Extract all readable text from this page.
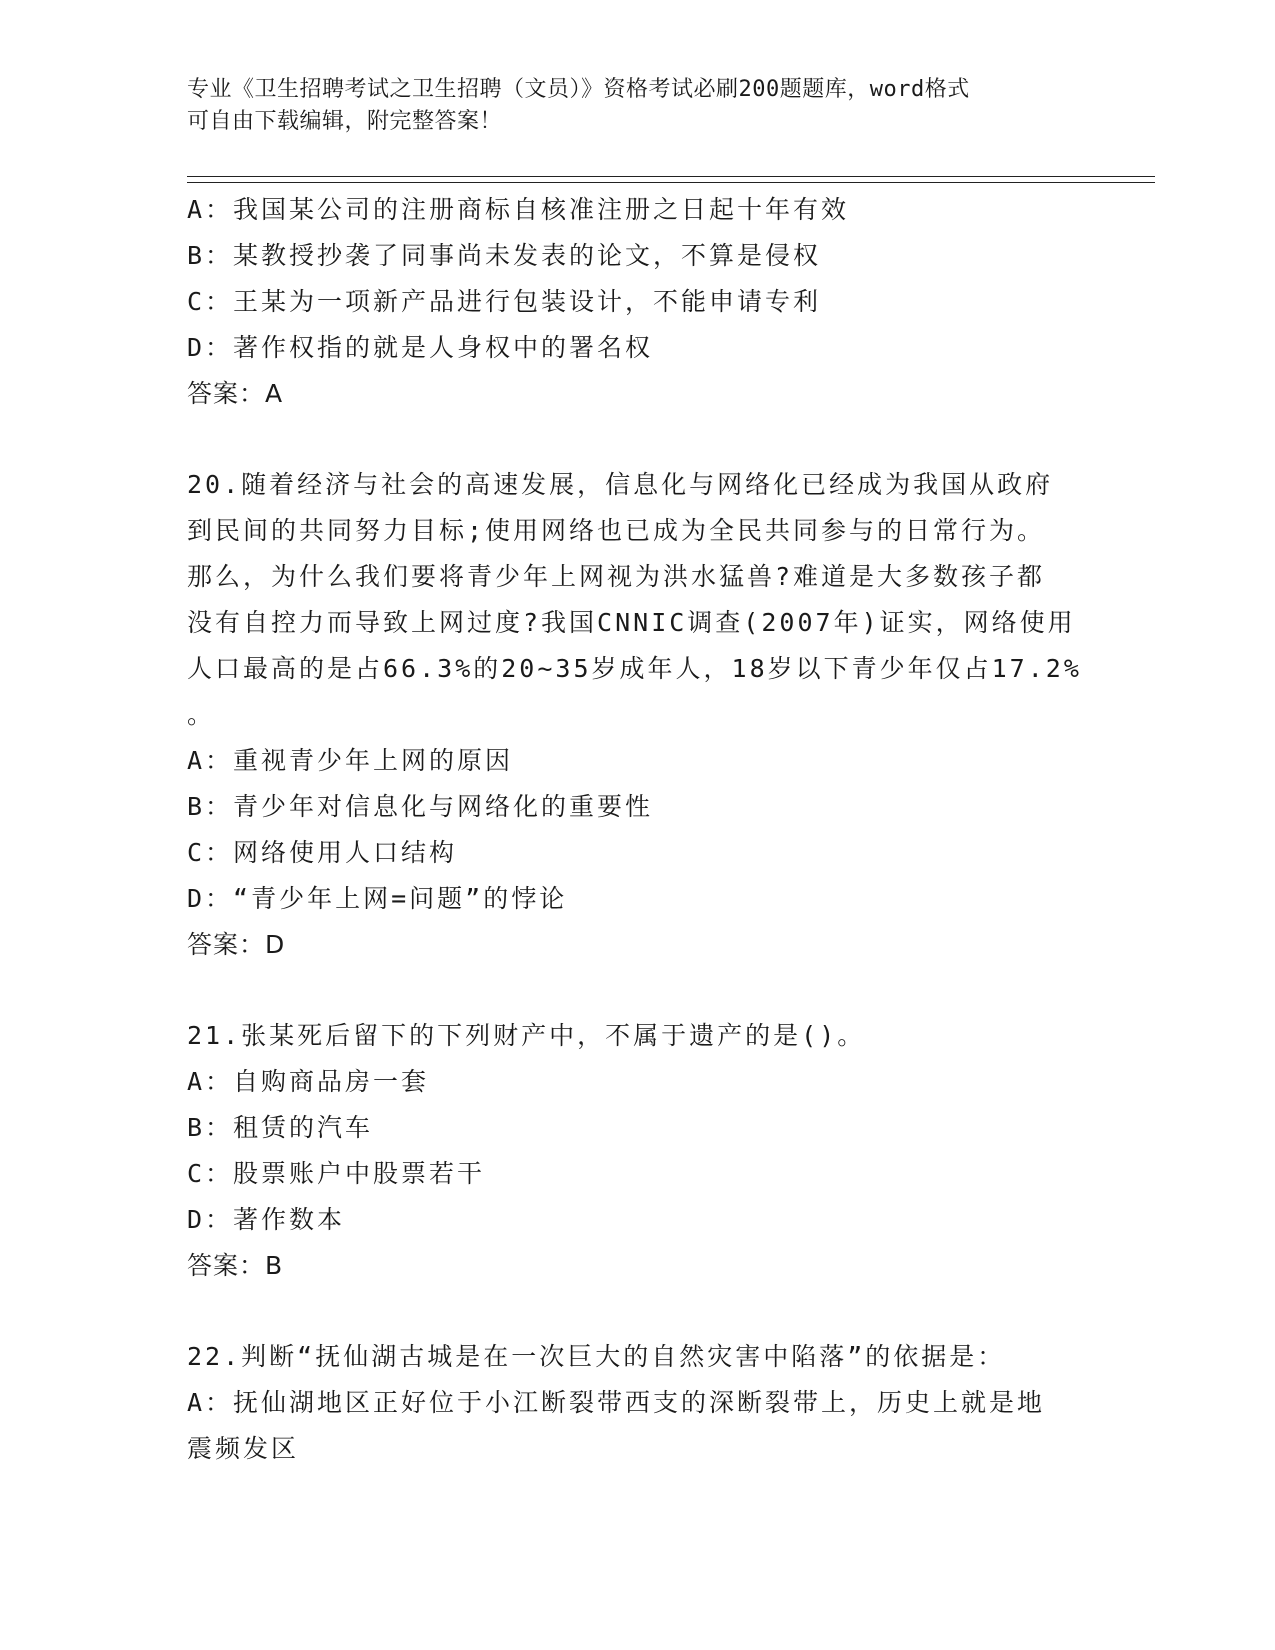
专业《卫生招聘考试之卫生招聘（文员）》资格考试必刷200题题库，word格式
可自由下载编辑，附完整答案！
A：我国某公司的注册商标自核准注册之日起十年有效
B：某教授抄袭了同事尚未发表的论文，不算是侵权
C：王某为一项新产品进行包装设计，不能申请专利
D：著作权指的就是人身权中的署名权
答案：A
20.随着经济与社会的高速发展，信息化与网络化已经成为我国从政府
到民间的共同努力目标;使用网络也已成为全民共同参与的日常行为。
那么，为什么我们要将青少年上网视为洪水猛兽?难道是大多数孩子都
没有自控力而导致上网过度?我国CNNIC调查(2007年)证实，网络使用
人口最高的是占66.3%的20~35岁成年人，18岁以下青少年仅占17.2%
。
A：重视青少年上网的原因
B：青少年对信息化与网络化的重要性
C：网络使用人口结构
D：“青少年上网=问题”的悖论
答案：D
21.张某死后留下的下列财产中，不属于遗产的是()。
A：自购商品房一套
B：租赁的汽车
C：股票账户中股票若干
D：著作数本
答案：B
22.判断“抚仙湖古城是在一次巨大的自然灾害中陷落”的依据是：
A：抚仙湖地区正好位于小江断裂带西支的深断裂带上，历史上就是地
震频发区
